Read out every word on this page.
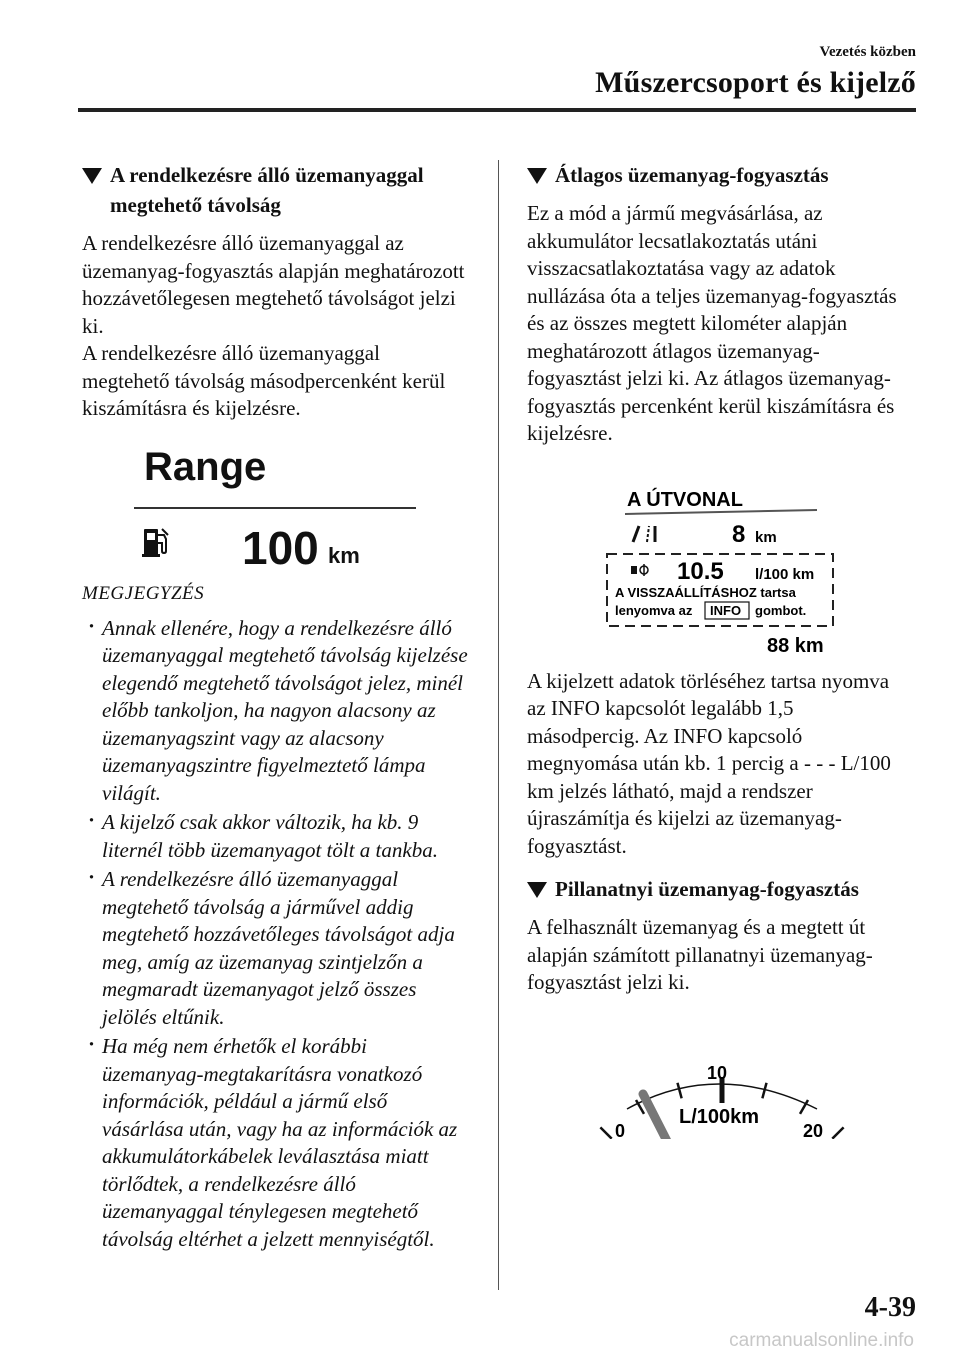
Vezetés közben
Műszercsoport és kijelző
A rendelkezésre álló üzemanyaggal megtehető távolság

A rendelkezésre álló üzemanyaggal az üzemanyag-fogyasztás alapján meghatározott hozzávetőlegesen megtehető távolságot jelzi ki.

A rendelkezésre álló üzemanyaggal megtehető távolság másodpercenként kerül kiszámításra és kijelzésre.

Range
100 km
MEGJEGYZÉS
· Annak ellenére, hogy a rendelkezésre álló üzemanyaggal megtehető távolság kijelzése elegendő megtehető távolságot jelez, minél előbb tankoljon, ha nagyon alacsony az üzemanyagszint vagy az alacsony üzemanyagszintre figyelmeztető lámpa világít.
· A kijelző csak akkor változik, ha kb. 9 liternél több üzemanyagot tölt a tankba.
· A rendelkezésre álló üzemanyaggal megtehető távolság a járművel addig megtehető hozzávetőleges távolságot adja meg, amíg az üzemanyag szintjelzőn a megmaradt üzemanyagot jelző összes jelölés eltűnik.
· Ha még nem érhetők el korábbi üzemanyag-megtakarításra vonatkozó információk, például a jármű első vásárlása után, vagy ha az információk az akkumulátorkábelek leválasztása miatt törlődtek, a rendelkezésre álló üzemanyaggal ténylegesen megtehető távolság eltérhet a jelzett mennyiségtől.
Átlagos üzemanyag-fogyasztás

Ez a mód a jármű megvásárlása, az akkumulátor lecsatlakoztatás utáni visszacsatlakoztatása vagy az adatok nullázása óta a teljes üzemanyag-fogyasztás és az összes megtett kilométer alapján meghatározott átlagos üzemanyag-fogyasztást jelzi ki. Az átlagos üzemanyag-fogyasztás percenként kerül kiszámításra és kijelzésre.

A ÚTVONAL
8 km
10.5 l/100 km
A VISSZAÁLLÍTÁSHOZ tartsa
lenyomva az INFO gombot.
88 km

A kijelzett adatok törléséhez tartsa nyomva az INFO kapcsolót legalább 1,5 másodpercig. Az INFO kapcsoló megnyomása után kb. 1 percig a - - - L/100 km jelzés látható, majd a rendszer újraszámítja és kijelzi az üzemanyag-fogyasztást.

Pillanatnyi üzemanyag-fogyasztás

A felhasznált üzemanyag és a megtett út alapján számított pillanatnyi üzemanyag-fogyasztást jelzi ki.

0
10
20
L/100km
4-39
carmanualsonline.info
